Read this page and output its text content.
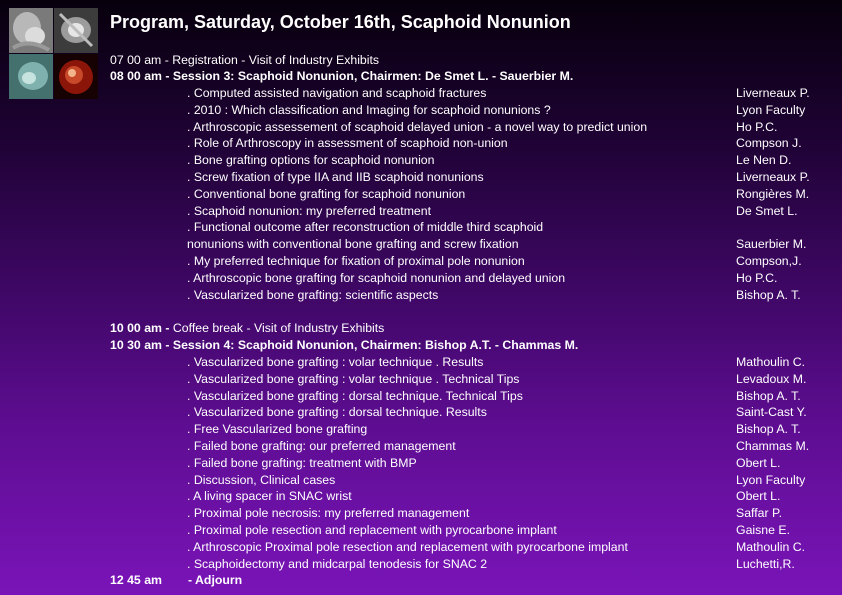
Program, Saturday, October 16th, Scaphoid Nonunion
07 00 am - Registration - Visit of Industry Exhibits
08 00 am - Session 3: Scaphoid Nonunion, Chairmen: De Smet L. - Sauerbier M.
. Computed assisted navigation and scaphoid fractures	Liverneaux P.
. 2010 : Which classification and Imaging for scaphoid nonunions ?	Lyon Faculty
. Arthroscopic assessement of scaphoid delayed union - a novel way to predict union	Ho P.C.
. Role of Arthroscopy in assessment of scaphoid non-union	Compson J.
. Bone grafting options for scaphoid nonunion	Le Nen D.
. Screw fixation of type IIA and IIB scaphoid nonunions	Liverneaux P.
. Conventional bone grafting for scaphoid nonunion	Rongières M.
. Scaphoid nonunion: my preferred treatment	De Smet L.
. Functional outcome after reconstruction of middle third scaphoid
nonunions with conventional bone grafting and screw fixation	Sauerbier M.
. My preferred technique for fixation of proximal pole nonunion	Compson,J.
. Arthroscopic bone grafting for scaphoid nonunion and delayed union	Ho P.C.
. Vascularized bone grafting: scientific aspects	Bishop A. T.
10 00 am - Coffee break - Visit of Industry Exhibits
10 30 am - Session 4: Scaphoid Nonunion, Chairmen: Bishop A.T. - Chammas M.
. Vascularized bone grafting : volar technique . Results	Mathoulin C.
. Vascularized bone grafting : volar technique . Technical Tips	Levadoux M.
. Vascularized bone grafting : dorsal technique. Technical Tips	Bishop A. T.
. Vascularized bone grafting : dorsal technique. Results	Saint-Cast Y.
. Free Vascularized bone grafting	Bishop A. T.
. Failed bone grafting: our preferred management	Chammas M.
. Failed bone grafting: treatment with BMP	Obert L.
. Discussion, Clinical cases	Lyon Faculty
. A living spacer in SNAC wrist	Obert L.
. Proximal pole necrosis: my preferred management	Saffar P.
. Proximal pole resection and replacement with pyrocarbone implant	Gaisne E.
. Arthroscopic Proximal pole resection and replacement with pyrocarbone implant	Mathoulin C.
. Scaphoidectomy and midcarpal tenodesis for SNAC 2	Luchetti,R.
12 45 am - Adjourn
